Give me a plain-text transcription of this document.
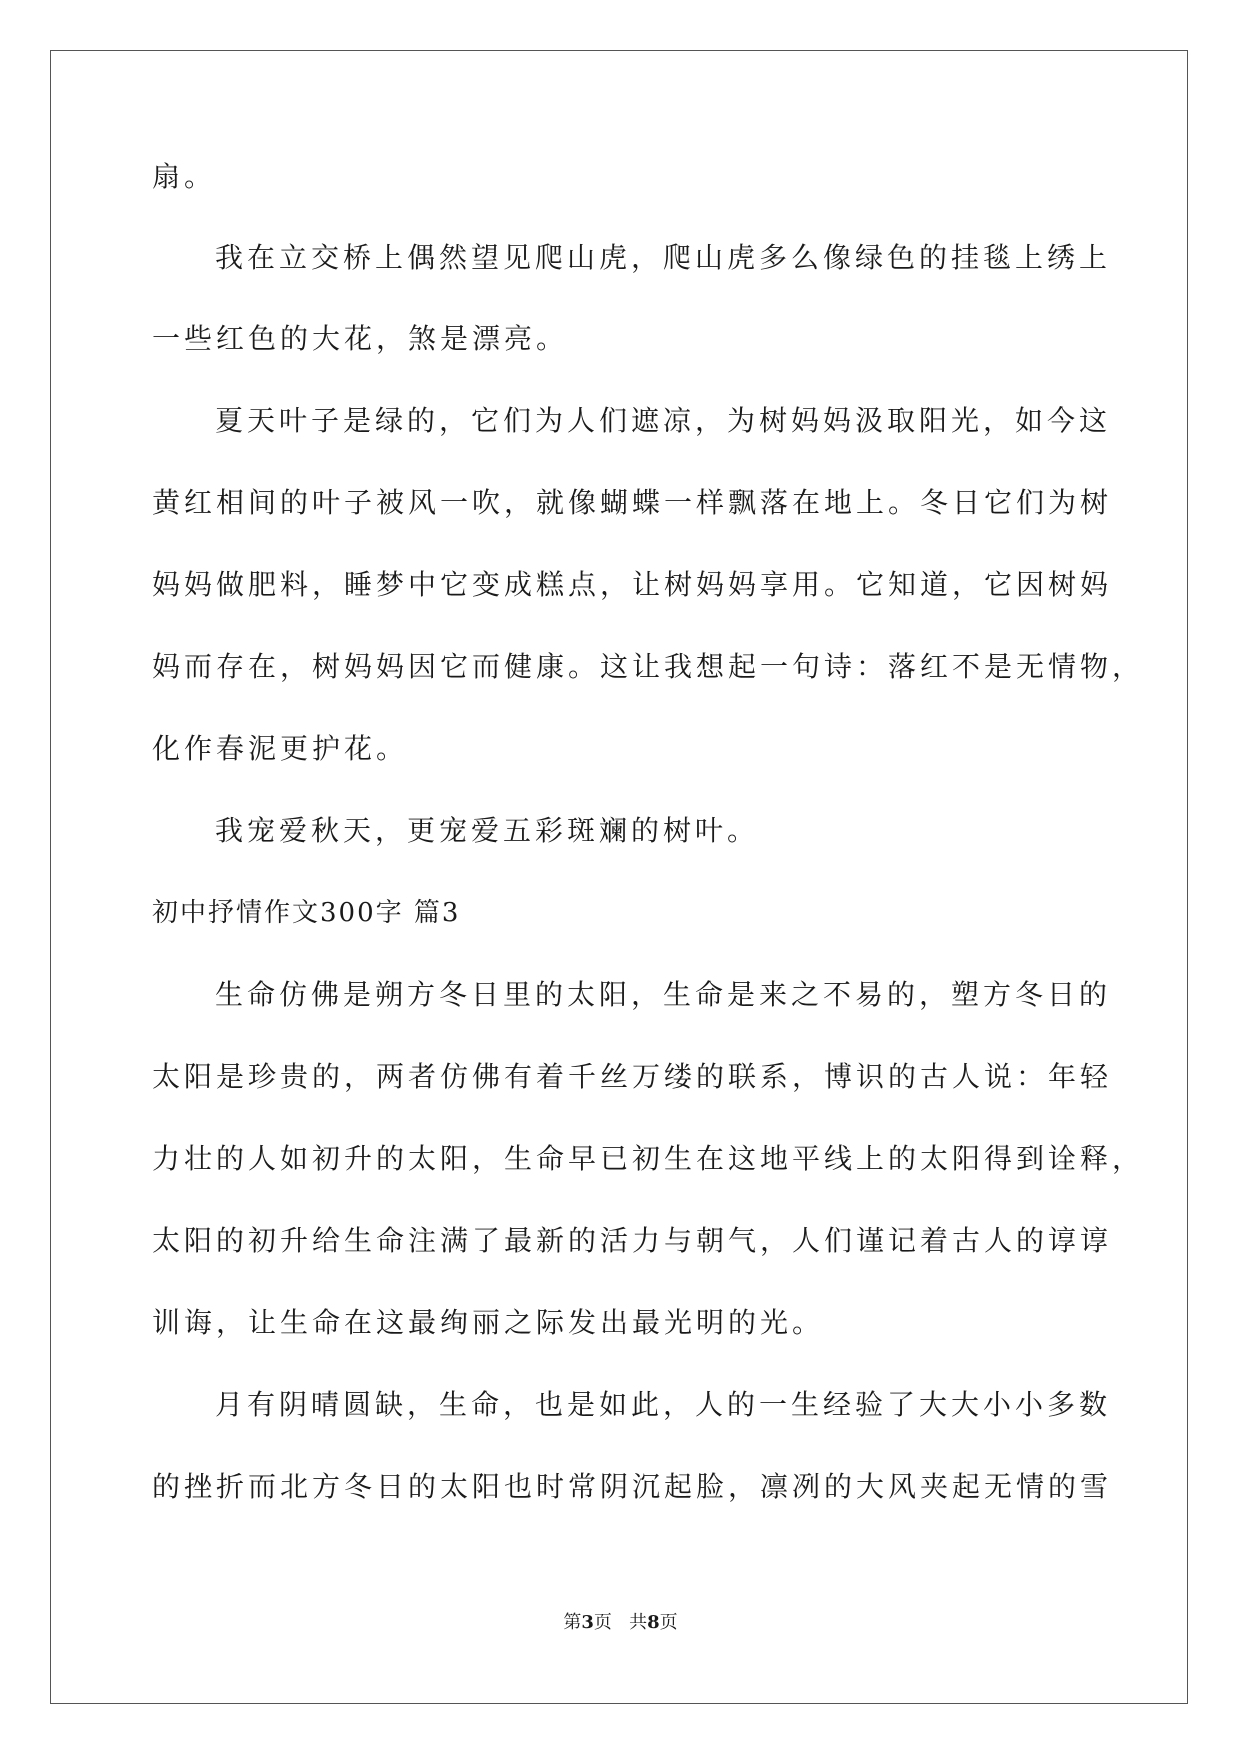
扇。
我在立交桥上偶然望见爬山虎，爬山虎多么像绿色的挂毯上绣上
一些红色的大花，煞是漂亮。
夏天叶子是绿的，它们为人们遮凉，为树妈妈汲取阳光，如今这
黄红相间的叶子被风一吹，就像蝴蝶一样飘落在地上。冬日它们为树
妈妈做肥料，睡梦中它变成糕点，让树妈妈享用。它知道，它因树妈
妈而存在，树妈妈因它而健康。这让我想起一句诗：落红不是无情物，
化作春泥更护花。
我宠爱秋天，更宠爱五彩斑斓的树叶。
初中抒情作文300字 篇3
生命仿佛是朔方冬日里的太阳，生命是来之不易的，塑方冬日的
太阳是珍贵的，两者仿佛有着千丝万缕的联系，博识的古人说：年轻
力壮的人如初升的太阳，生命早已初生在这地平线上的太阳得到诠释，
太阳的初升给生命注满了最新的活力与朝气，人们谨记着古人的谆谆
训诲，让生命在这最绚丽之际发出最光明的光。
月有阴晴圆缺，生命，也是如此，人的一生经验了大大小小多数
的挫折而北方冬日的太阳也时常阴沉起脸，凛冽的大风夹起无情的雪
第3页   共8页
